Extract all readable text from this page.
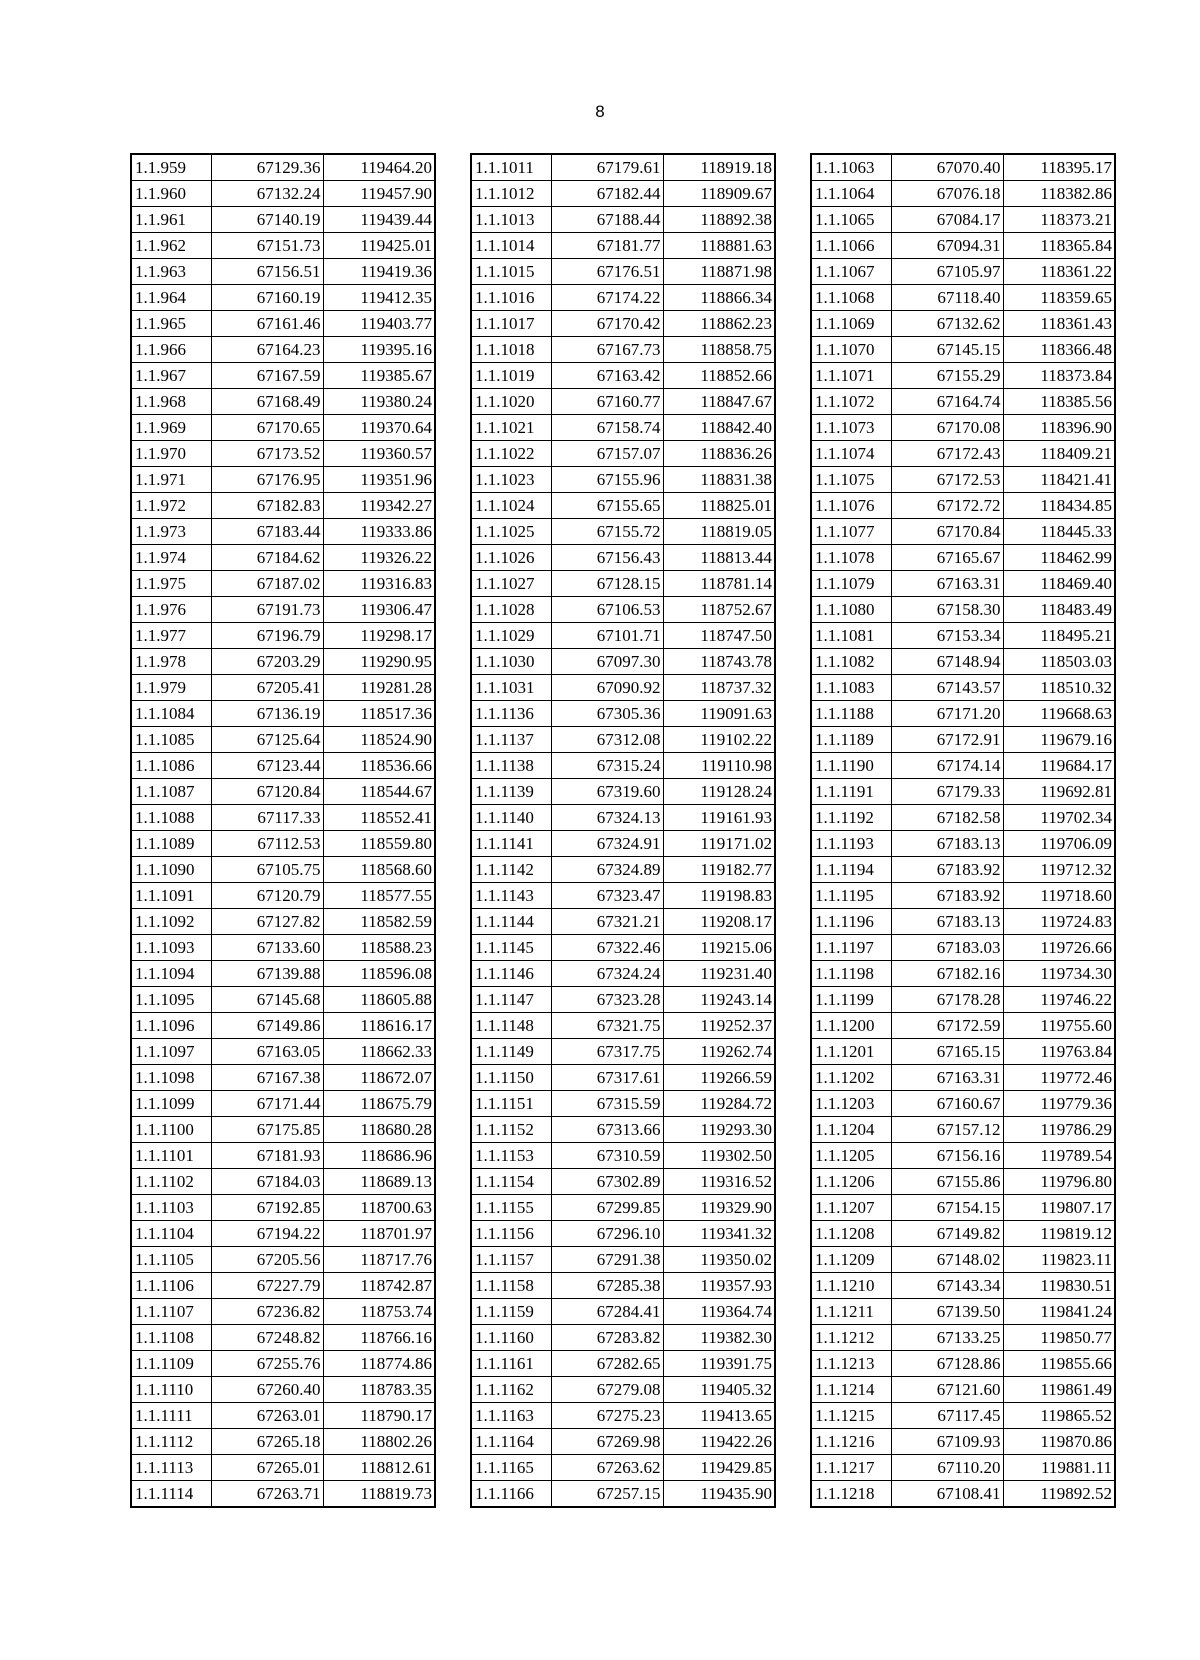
8
1.1.959	67129.36	119464.20
1.1.960	67132.24	119457.90
1.1.961	67140.19	119439.44
1.1.962	67151.73	119425.01
1.1.963	67156.51	119419.36
1.1.964	67160.19	119412.35
1.1.965	67161.46	119403.77
1.1.966	67164.23	119395.16
1.1.967	67167.59	119385.67
1.1.968	67168.49	119380.24
1.1.969	67170.65	119370.64
1.1.970	67173.52	119360.57
1.1.971	67176.95	119351.96
1.1.972	67182.83	119342.27
1.1.973	67183.44	119333.86
1.1.974	67184.62	119326.22
1.1.975	67187.02	119316.83
1.1.976	67191.73	119306.47
1.1.977	67196.79	119298.17
1.1.978	67203.29	119290.95
1.1.979	67205.41	119281.28
1.1.1084	67136.19	118517.36
1.1.1085	67125.64	118524.90
1.1.1086	67123.44	118536.66
1.1.1087	67120.84	118544.67
1.1.1088	67117.33	118552.41
1.1.1089	67112.53	118559.80
1.1.1090	67105.75	118568.60
1.1.1091	67120.79	118577.55
1.1.1092	67127.82	118582.59
1.1.1093	67133.60	118588.23
1.1.1094	67139.88	118596.08
1.1.1095	67145.68	118605.88
1.1.1096	67149.86	118616.17
1.1.1097	67163.05	118662.33
1.1.1098	67167.38	118672.07
1.1.1099	67171.44	118675.79
1.1.1100	67175.85	118680.28
1.1.1101	67181.93	118686.96
1.1.1102	67184.03	118689.13
1.1.1103	67192.85	118700.63
1.1.1104	67194.22	118701.97
1.1.1105	67205.56	118717.76
1.1.1106	67227.79	118742.87
1.1.1107	67236.82	118753.74
1.1.1108	67248.82	118766.16
1.1.1109	67255.76	118774.86
1.1.1110	67260.40	118783.35
1.1.1111	67263.01	118790.17
1.1.1112	67265.18	118802.26
1.1.1113	67265.01	118812.61
1.1.1114	67263.71	118819.73
1.1.1011	67179.61	118919.18
1.1.1012	67182.44	118909.67
1.1.1013	67188.44	118892.38
1.1.1014	67181.77	118881.63
1.1.1015	67176.51	118871.98
1.1.1016	67174.22	118866.34
1.1.1017	67170.42	118862.23
1.1.1018	67167.73	118858.75
1.1.1019	67163.42	118852.66
1.1.1020	67160.77	118847.67
1.1.1021	67158.74	118842.40
1.1.1022	67157.07	118836.26
1.1.1023	67155.96	118831.38
1.1.1024	67155.65	118825.01
1.1.1025	67155.72	118819.05
1.1.1026	67156.43	118813.44
1.1.1027	67128.15	118781.14
1.1.1028	67106.53	118752.67
1.1.1029	67101.71	118747.50
1.1.1030	67097.30	118743.78
1.1.1031	67090.92	118737.32
1.1.1136	67305.36	119091.63
1.1.1137	67312.08	119102.22
1.1.1138	67315.24	119110.98
1.1.1139	67319.60	119128.24
1.1.1140	67324.13	119161.93
1.1.1141	67324.91	119171.02
1.1.1142	67324.89	119182.77
1.1.1143	67323.47	119198.83
1.1.1144	67321.21	119208.17
1.1.1145	67322.46	119215.06
1.1.1146	67324.24	119231.40
1.1.1147	67323.28	119243.14
1.1.1148	67321.75	119252.37
1.1.1149	67317.75	119262.74
1.1.1150	67317.61	119266.59
1.1.1151	67315.59	119284.72
1.1.1152	67313.66	119293.30
1.1.1153	67310.59	119302.50
1.1.1154	67302.89	119316.52
1.1.1155	67299.85	119329.90
1.1.1156	67296.10	119341.32
1.1.1157	67291.38	119350.02
1.1.1158	67285.38	119357.93
1.1.1159	67284.41	119364.74
1.1.1160	67283.82	119382.30
1.1.1161	67282.65	119391.75
1.1.1162	67279.08	119405.32
1.1.1163	67275.23	119413.65
1.1.1164	67269.98	119422.26
1.1.1165	67263.62	119429.85
1.1.1166	67257.15	119435.90
1.1.1063	67070.40	118395.17
1.1.1064	67076.18	118382.86
1.1.1065	67084.17	118373.21
1.1.1066	67094.31	118365.84
1.1.1067	67105.97	118361.22
1.1.1068	67118.40	118359.65
1.1.1069	67132.62	118361.43
1.1.1070	67145.15	118366.48
1.1.1071	67155.29	118373.84
1.1.1072	67164.74	118385.56
1.1.1073	67170.08	118396.90
1.1.1074	67172.43	118409.21
1.1.1075	67172.53	118421.41
1.1.1076	67172.72	118434.85
1.1.1077	67170.84	118445.33
1.1.1078	67165.67	118462.99
1.1.1079	67163.31	118469.40
1.1.1080	67158.30	118483.49
1.1.1081	67153.34	118495.21
1.1.1082	67148.94	118503.03
1.1.1083	67143.57	118510.32
1.1.1188	67171.20	119668.63
1.1.1189	67172.91	119679.16
1.1.1190	67174.14	119684.17
1.1.1191	67179.33	119692.81
1.1.1192	67182.58	119702.34
1.1.1193	67183.13	119706.09
1.1.1194	67183.92	119712.32
1.1.1195	67183.92	119718.60
1.1.1196	67183.13	119724.83
1.1.1197	67183.03	119726.66
1.1.1198	67182.16	119734.30
1.1.1199	67178.28	119746.22
1.1.1200	67172.59	119755.60
1.1.1201	67165.15	119763.84
1.1.1202	67163.31	119772.46
1.1.1203	67160.67	119779.36
1.1.1204	67157.12	119786.29
1.1.1205	67156.16	119789.54
1.1.1206	67155.86	119796.80
1.1.1207	67154.15	119807.17
1.1.1208	67149.82	119819.12
1.1.1209	67148.02	119823.11
1.1.1210	67143.34	119830.51
1.1.1211	67139.50	119841.24
1.1.1212	67133.25	119850.77
1.1.1213	67128.86	119855.66
1.1.1214	67121.60	119861.49
1.1.1215	67117.45	119865.52
1.1.1216	67109.93	119870.86
1.1.1217	67110.20	119881.11
1.1.1218	67108.41	119892.52
